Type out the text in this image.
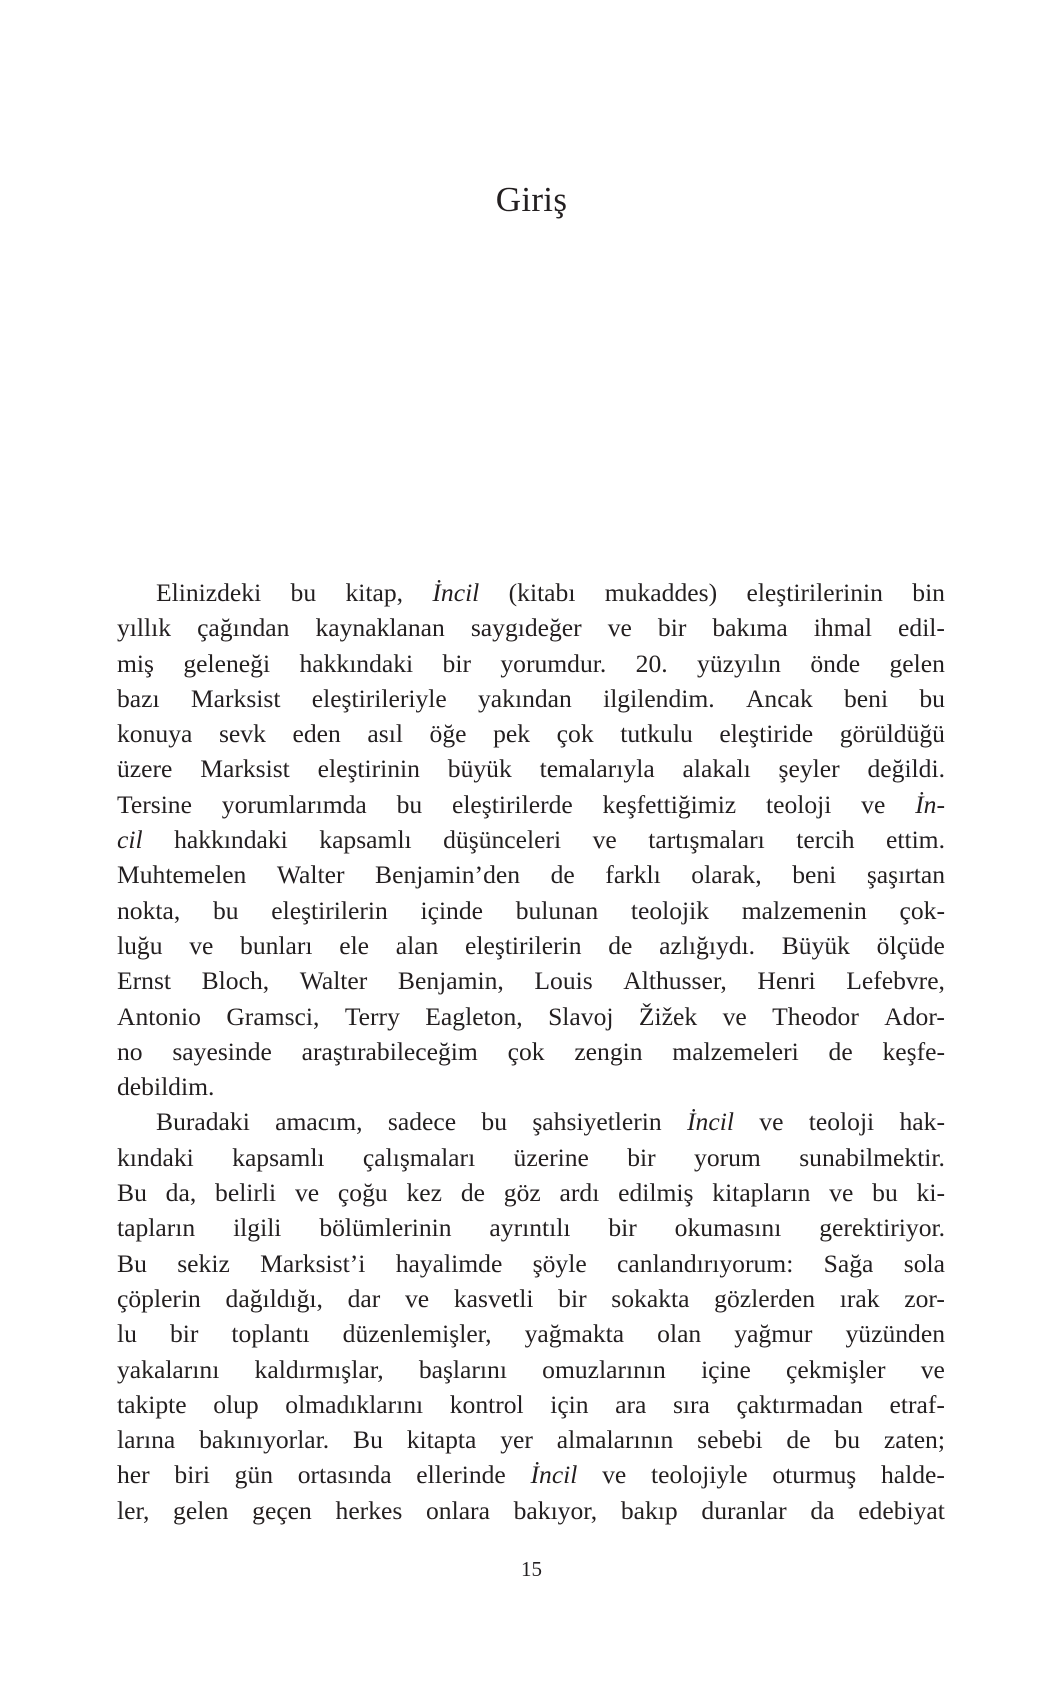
Giriş
Elinizdeki bu kitap, İncil (kitabı mukaddes) eleştirilerinin bin
yıllık çağından kaynaklanan saygıdeğer ve bir bakıma ihmal edil-
miş geleneği hakkındaki bir yorumdur. 20. yüzyılın önde gelen
bazı Marksist eleştirileriyle yakından ilgilendim. Ancak beni bu
konuya sevk eden asıl öğe pek çok tutkulu eleştiride görüldüğü
üzere Marksist eleştirinin büyük temalarıyla alakalı şeyler değildi.
Tersine yorumlarımda bu eleştirilerde keşfettiğimiz teoloji ve İn-
cil hakkındaki kapsamlı düşünceleri ve tartışmaları tercih ettim.
Muhtemelen Walter Benjamin’den de farklı olarak, beni şaşırtan
nokta, bu eleştirilerin içinde bulunan teolojik malzemenin çok-
luğu ve bunları ele alan eleştirilerin de azlığıydı. Büyük ölçüde
Ernst Bloch, Walter Benjamin, Louis Althusser, Henri Lefebvre,
Antonio Gramsci, Terry Eagleton, Slavoj Žižek ve Theodor Ador-
no sayesinde araştırabileceğim çok zengin malzemeleri de keşfe-
debildim.
Buradaki amacım, sadece bu şahsiyetlerin İncil ve teoloji hak-
kındaki kapsamlı çalışmaları üzerine bir yorum sunabilmektir.
Bu da, belirli ve çoğu kez de göz ardı edilmiş kitapların ve bu ki-
tapların ilgili bölümlerinin ayrıntılı bir okumasını gerektiriyor.
Bu sekiz Marksist’i hayalimde şöyle canlandırıyorum: Sağa sola
çöplerin dağıldığı, dar ve kasvetli bir sokakta gözlerden ırak zor-
lu bir toplantı düzenlemişler, yağmakta olan yağmur yüzünden
yakalarını kaldırmışlar, başlarını omuzlarının içine çekmişler ve
takipte olup olmadıklarını kontrol için ara sıra çaktırmadan etraf-
larına bakınıyorlar. Bu kitapta yer almalarının sebebi de bu zaten;
her biri gün ortasında ellerinde İncil ve teolojiyle oturmuş halde-
ler, gelen geçen herkes onlara bakıyor, bakıp duranlar da edebiyat
15
